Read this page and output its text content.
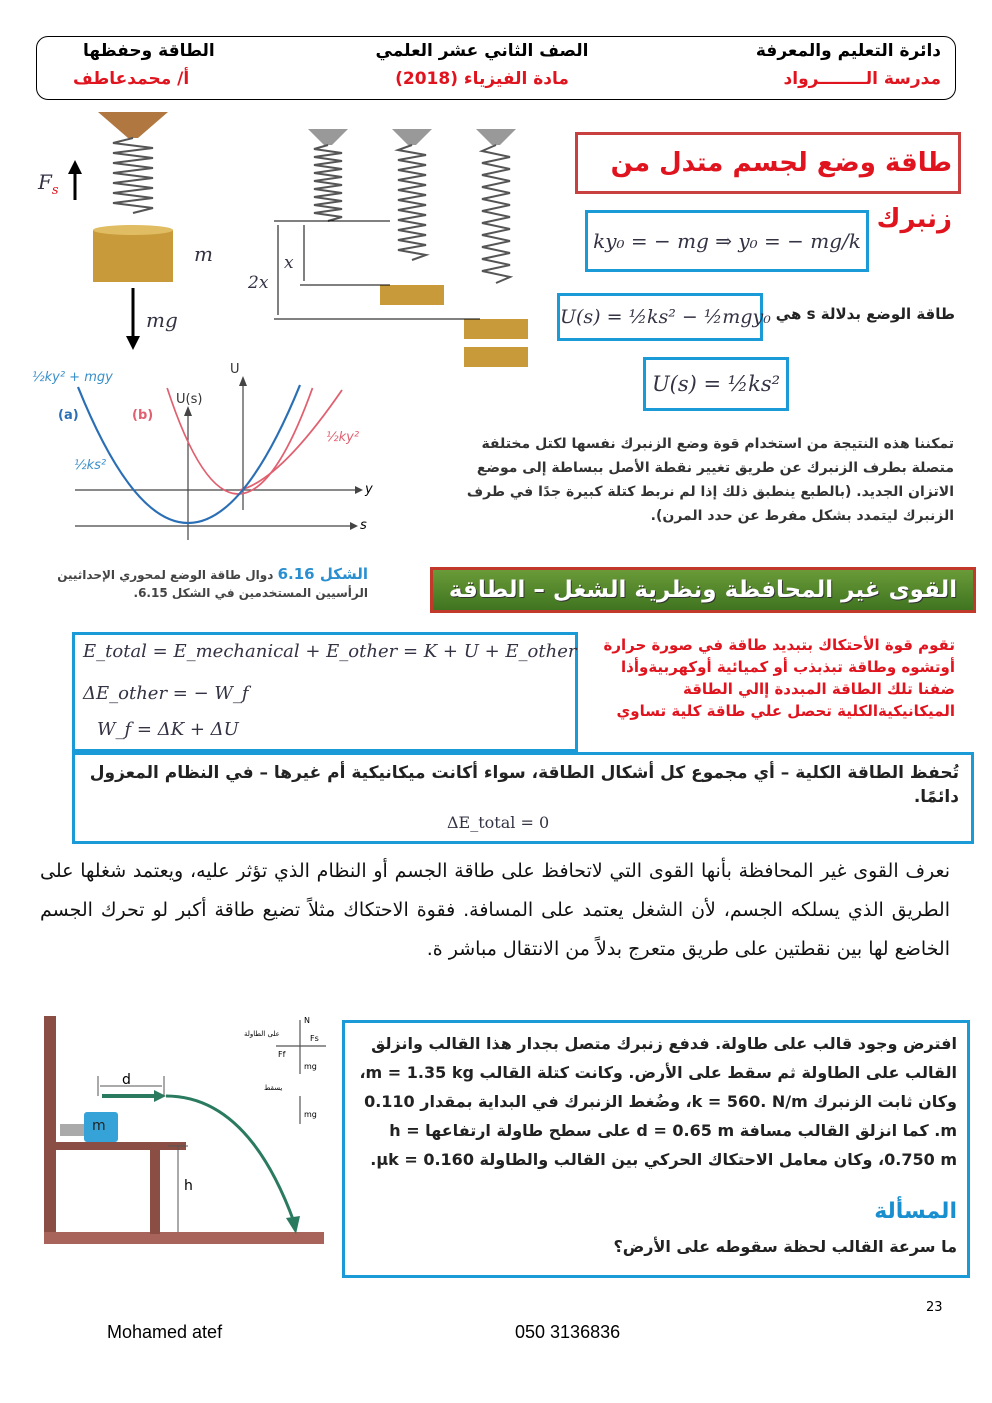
دائرة التعليم والمعرفة
مدرسة الــــــــرواد
الصف الثاني عشر العلمي
مادة الفيزياء (2018)
الطاقة وحفظها
أ/ محمدعاطف
$F_s$
m
mg
x
2x
طاقة وضع لجسم متدل من زنبرك
ky₀ = − mg ⇒ y₀ = − mg/k
U(s) = ½ks² − ½mgy₀ طاقة الوضع بدلالة s هي
U(s) = ½ks²
تمكننا هذه النتيجة من استخدام قوة وضع الزنبرك نفسها لكتل مختلفة متصلة بطرف الزنبرك عن طريق تغيير نقطة الأصل ببساطة إلى موضع الاتزان الجديد. (بالطبع ينطبق ذلك إذا لم نربط كتلة كبيرة جدًا في طرف الزنبرك ليتمدد بشكل مفرط عن حدد المرن).
½ky² + mgy
(a)	(b)
U(s)
U
½ks²
½ky²
y
s
الشكل 6.16 دوال طاقة الوضع لمحوري الإحداثيين الرأسيين المستخدمين في الشكل 6.15.	القوى غير المحافظة ونظرية الشغل – الطاقة
E_total = E_mechanical + E_other = K + U + E_other
ΔE_other = − W_f
W_f = ΔK + ΔU
تقوم قوة الأحتكاك بتبديد طاقة في صورة حرارة أوتشوه وطاقة تبذبذب أو كميائية أوكهربيةوأذا ضفنا تلك الطاقة المبددة إالي الطاقة الميكانيكيةالكلية تحصل علي طاقة كلية تساوي
تُحفظ الطاقة الكلية – أي مجموع كل أشكال الطاقة، سواء أكانت ميكانيكية أم غيرها – في النظام المعزول دائمًا.
ΔE_total = 0
نعرف القوى غير المحافظة بأنها القوى التي لاتحافظ على طاقة الجسم أو النظام الذي تؤثر عليه، ويعتمد شغلها على الطريق الذي يسلكه الجسم، لأن الشغل يعتمد على المسافة. فقوة الاحتكاك مثلاً تضيع طاقة أكبر لو تحرك الجسم الخاضع لها بين نقطتين على طريق متعرج بدلاً من الانتقال مباشر ة.
d
m
h
N
Fs
Ff
mg
على الطاولة
يسقط
mg
افترض وجود قالب على طاولة. فدفع زنبرك متصل بجدار هذا القالب وانزلق القالب على الطاولة ثم سقط على الأرض. وكانت كتلة القالب m = 1.35 kg، وكان ثابت الزنبرك k = 560. N/m، وضُغط الزنبرك في البداية بمقدار 0.110 m. كما انزلق القالب مسافة d = 0.65 m على سطح طاولة ارتفاعها h = 0.750 m، وكان معامل الاحتكاك الحركي بين القالب والطاولة μk = 0.160.
المسألة
ما سرعة القالب لحظة سقوطه على الأرض؟
23
Mohamed atef	050 3136836
